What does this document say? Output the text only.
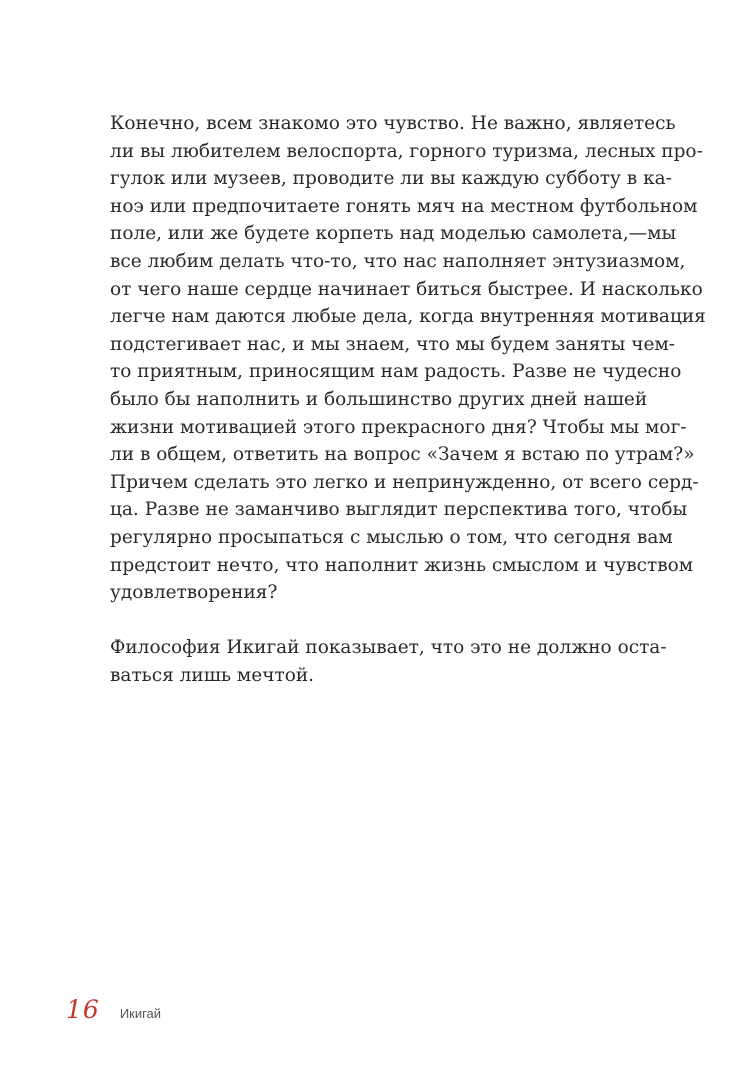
Конечно, всем знакомо это чувство. Не важно, являетесь
ли вы любителем велоспорта, горного туризма, лесных про-
гулок или музеев, проводите ли вы каждую субботу в ка-
ноэ или предпочитаете гонять мяч на местном футбольном
поле, или же будете корпеть над моделью самолета,—мы
все любим делать что-то, что нас наполняет энтузиазмом,
от чего наше сердце начинает биться быстрее. И насколько
легче нам даются любые дела, когда внутренняя мотивация
подстегивает нас, и мы знаем, что мы будем заняты чем-
то приятным, приносящим нам радость. Разве не чудесно
было бы наполнить и большинство других дней нашей
жизни мотивацией этого прекрасного дня? Чтобы мы мог-
ли в общем, ответить на вопрос «Зачем я встаю по утрам?»
Причем сделать это легко и непринужденно, от всего серд-
ца. Разве не заманчиво выглядит перспектива того, чтобы
регулярно просыпаться с мыслью о том, что сегодня вам
предстоит нечто, что наполнит жизнь смыслом и чувством
удовлетворения?
Философия Икигай показывает, что это не должно оста-
ваться лишь мечтой.
16 Икигай
